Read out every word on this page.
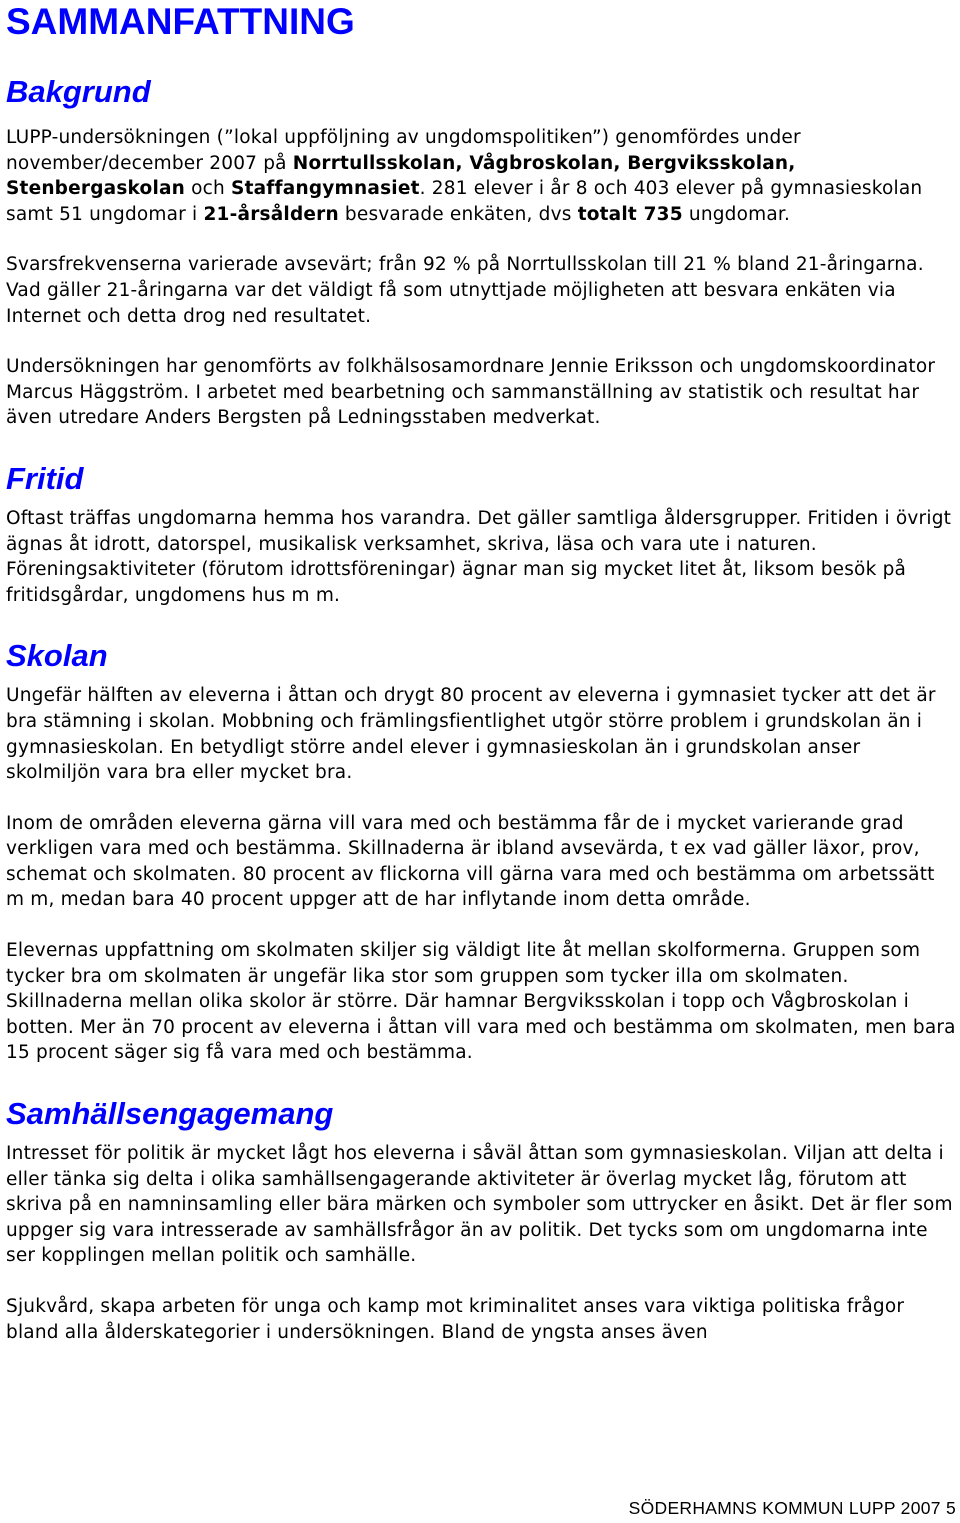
SAMMANFATTNING
Bakgrund

LUPP-undersökningen (”lokal uppföljning av ungdomspolitiken”) genomfördes under november/december 2007 på Norrtullsskolan, Vågbroskolan, Bergviksskolan, Stenbergaskolan och Staffangymnasiet. 281 elever i år 8 och 403 elever på gymnasieskolan samt 51 ungdomar i 21-årsåldern besvarade enkäten, dvs totalt 735 ungdomar.

Svarsfrekvenserna varierade avsevärt; från 92 % på Norrtullsskolan till 21 % bland 21-åringarna. Vad gäller 21-åringarna var det väldigt få som utnyttjade möjligheten att besvara enkäten via Internet och detta drog ned resultatet.

Undersökningen har genomförts av folkhälsosamordnare Jennie Eriksson och ungdomskoordinator Marcus Häggström. I arbetet med bearbetning och sammanställning av statistik och resultat har även utredare Anders Bergsten på Ledningsstaben medverkat.

Fritid

Oftast träffas ungdomarna hemma hos varandra. Det gäller samtliga åldersgrupper. Fritiden i övrigt ägnas åt idrott, datorspel, musikalisk verksamhet, skriva, läsa och vara ute i naturen. Föreningsaktiviteter (förutom idrottsföreningar) ägnar man sig mycket litet åt, liksom besök på fritidsgårdar, ungdomens hus m m.

Skolan

Ungefär hälften av eleverna i åttan och drygt 80 procent av eleverna i gymnasiet tycker att det är bra stämning i skolan. Mobbning och främlingsfientlighet utgör större problem i grundskolan än i gymnasieskolan. En betydligt större andel elever i gymnasieskolan än i grundskolan anser skolmiljön vara bra eller mycket bra.

Inom de områden eleverna gärna vill vara med och bestämma får de i mycket varierande grad verkligen vara med och bestämma. Skillnaderna är ibland avsevärda, t ex vad gäller läxor, prov, schemat och skolmaten. 80 procent av flickorna vill gärna vara med och bestämma om arbetssätt m m, medan bara 40 procent uppger att de har inflytande inom detta område.

Elevernas uppfattning om skolmaten skiljer sig väldigt lite åt mellan skolformerna. Gruppen som tycker bra om skolmaten är ungefär lika stor som gruppen som tycker illa om skolmaten. Skillnaderna mellan olika skolor är större. Där hamnar Bergviksskolan i topp och Vågbroskolan i botten. Mer än 70 procent av eleverna i åttan vill vara med och bestämma om skolmaten, men bara 15 procent säger sig få vara med och bestämma.

Samhällsengagemang

Intresset för politik är mycket lågt hos eleverna i såväl åttan som gymnasieskolan. Viljan att delta i eller tänka sig delta i olika samhällsengagerande aktiviteter är överlag mycket låg, förutom att skriva på en namninsamling eller bära märken och symboler som uttrycker en åsikt. Det är fler som uppger sig vara intresserade av samhällsfrågor än av politik. Det tycks som om ungdomarna inte ser kopplingen mellan politik och samhälle.

Sjukvård, skapa arbeten för unga och kamp mot kriminalitet anses vara viktiga politiska frågor bland alla ålderskategorier i undersökningen. Bland de yngsta anses även

SÖDERHAMNS KOMMUN LUPP 2007 5
